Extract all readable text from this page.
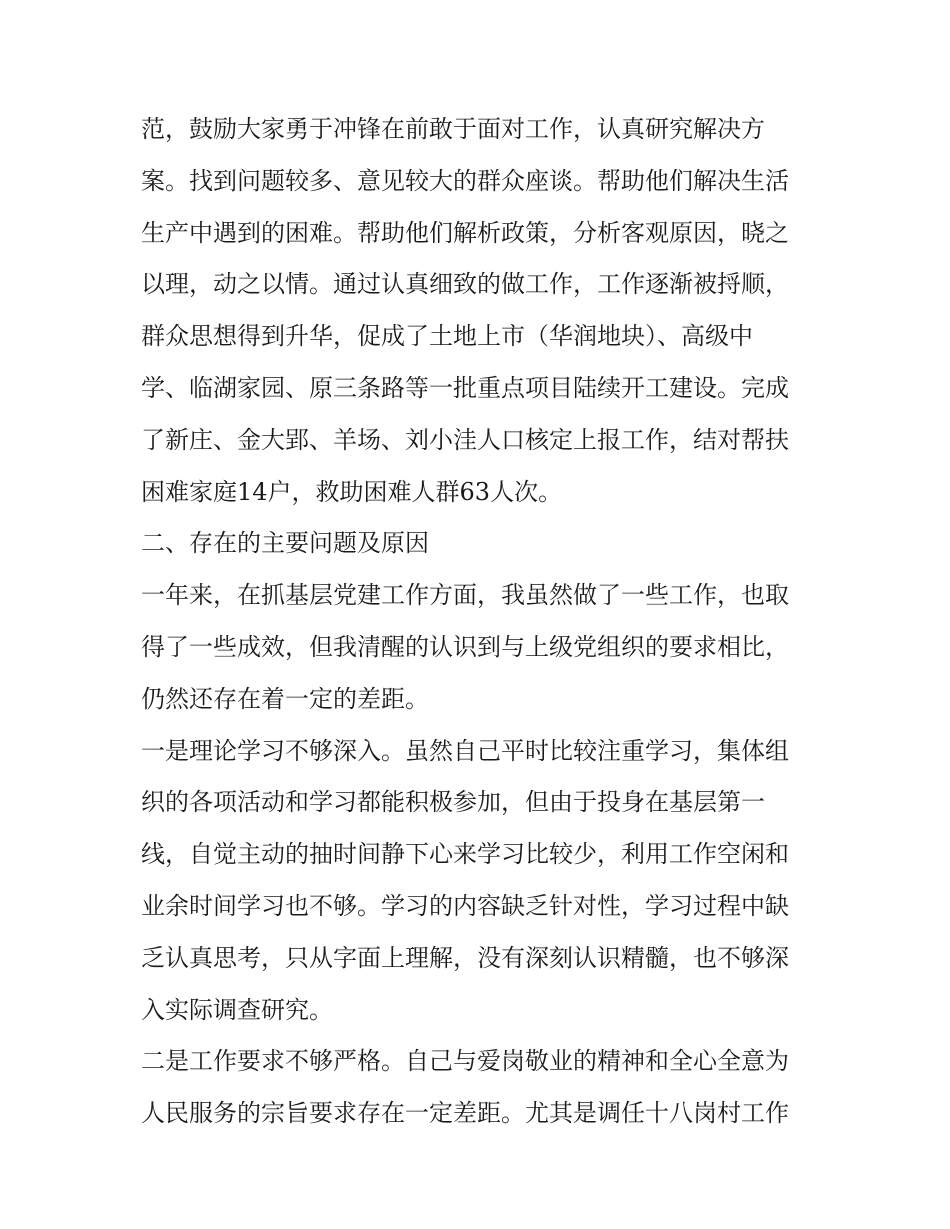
范，鼓励大家勇于冲锋在前敢于面对工作，认真研究解决方
案。找到问题较多、意见较大的群众座谈。帮助他们解决生活
生产中遇到的困难。帮助他们解析政策，分析客观原因，晓之
以理，动之以情。通过认真细致的做工作，工作逐渐被捋顺，
群众思想得到升华，促成了土地上市（华润地块）、高级中
学、临湖家园、原三条路等一批重点项目陆续开工建设。完成
了新庄、金大郢、羊场、刘小洼人口核定上报工作，结对帮扶
困难家庭14户，救助困难人群63人次。
二、存在的主要问题及原因
一年来，在抓基层党建工作方面，我虽然做了一些工作，也取
得了一些成效，但我清醒的认识到与上级党组织的要求相比，
仍然还存在着一定的差距。
一是理论学习不够深入。虽然自己平时比较注重学习，集体组
织的各项活动和学习都能积极参加，但由于投身在基层第一
线，自觉主动的抽时间静下心来学习比较少，利用工作空闲和
业余时间学习也不够。学习的内容缺乏针对性，学习过程中缺
乏认真思考，只从字面上理解，没有深刻认识精髓，也不够深
入实际调查研究。
二是工作要求不够严格。自己与爱岗敬业的精神和全心全意为
人民服务的宗旨要求存在一定差距。尤其是调任十八岗村工作
